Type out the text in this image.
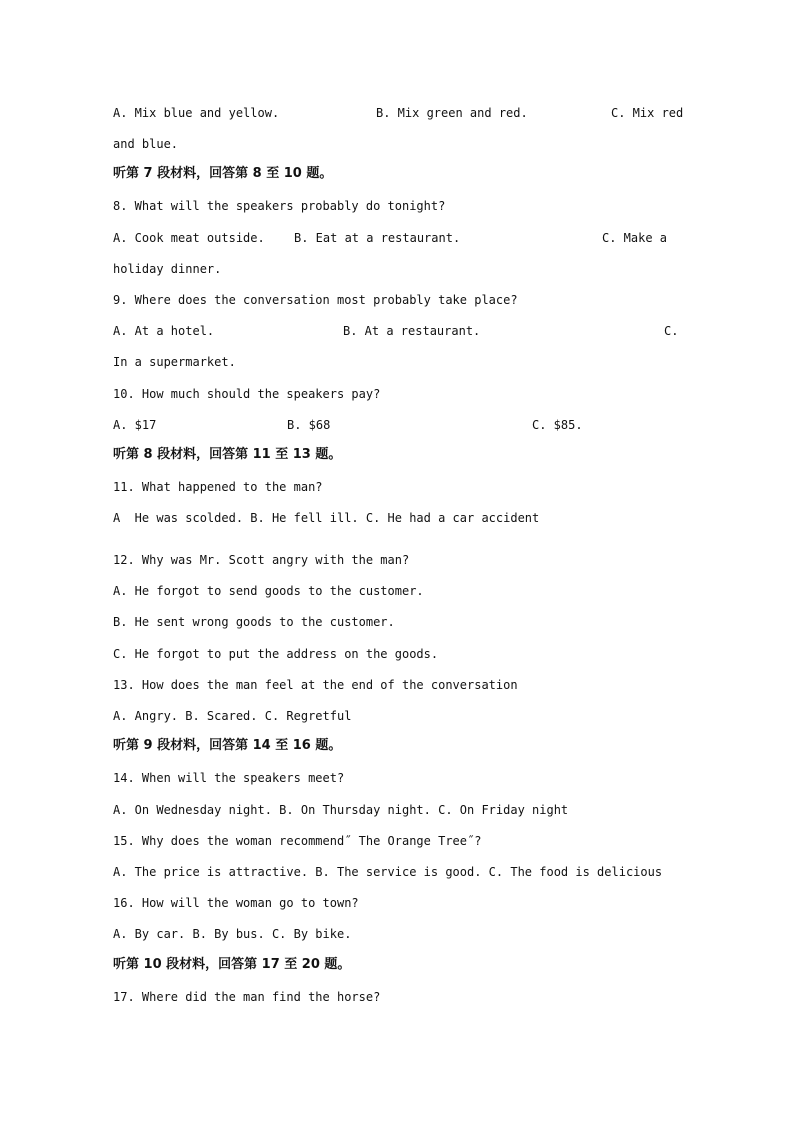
A. Mix blue and yellow.	B. Mix green and red.	C. Mix red
and blue.
听第 7 段材料，回答第 8 至 10 题。
8. What will the speakers probably do tonight?
A. Cook meat outside. B. Eat at a restaurant.	C. Make a
holiday dinner.
9. Where does the conversation most probably take place?
A. At a hotel.	B. At a restaurant.	C.
In a supermarket.
10. How much should the speakers pay?
A. $17	B. $68	C. $85.
听第 8 段材料，回答第 11 至 13 题。
11. What happened to the man?
A  He was scolded. B. He fell ill. C. He had a car accident
12. Why was Mr. Scott angry with the man?
A. He forgot to send goods to the customer.
B. He sent wrong goods to the customer.
C. He forgot to put the address on the goods.
13. How does the man feel at the end of the conversation
A. Angry. B. Scared. C. Regretful
听第 9 段材料，回答第 14 至 16 题。
14. When will the speakers meet?
A. On Wednesday night. B. On Thursday night. C. On Friday night
15. Why does the woman recommend˝ The Orange Tree˝?
A. The price is attractive. B. The service is good. C. The food is delicious
16. How will the woman go to town?
A. By car. B. By bus. C. By bike.
听第 10 段材料，回答第 17 至 20 题。
17. Where did the man find the horse?
